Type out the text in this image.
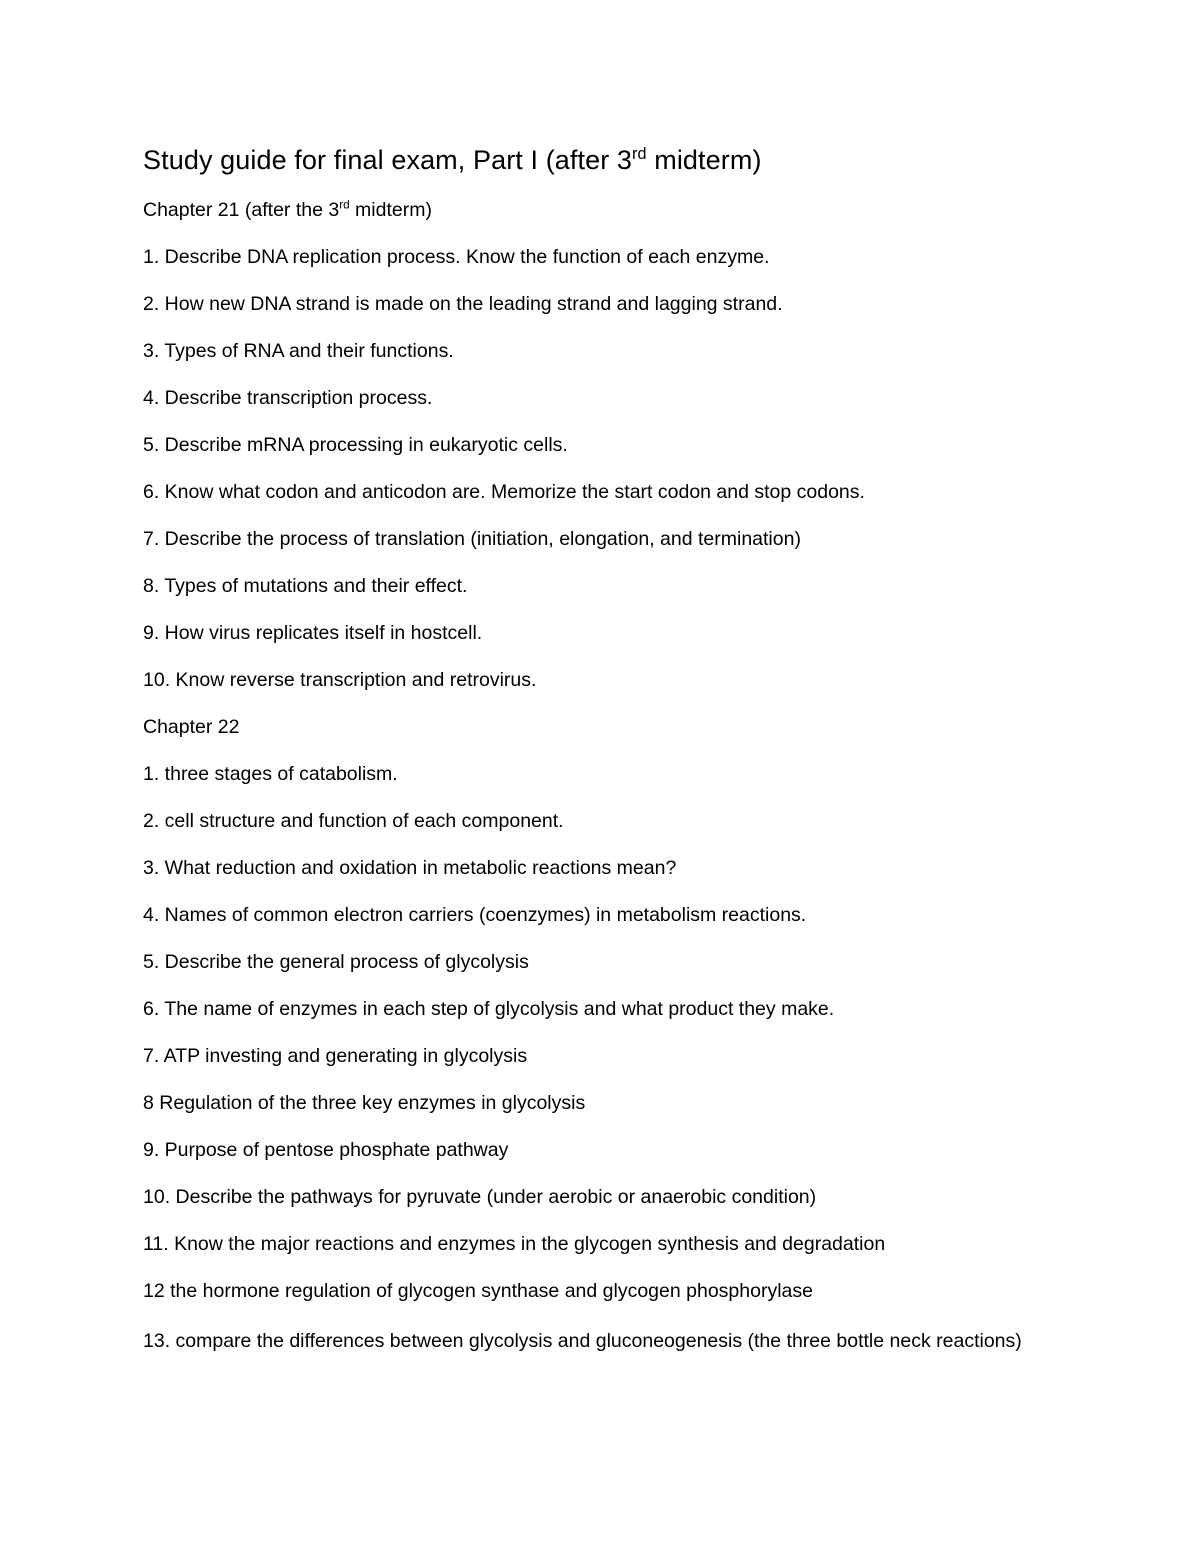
Study guide for final exam, Part I (after 3rd midterm)
Chapter 21 (after the 3rd midterm)
1. Describe DNA replication process. Know the function of each enzyme.
2. How new DNA strand is made on the leading strand and lagging strand.
3. Types of RNA and their functions.
4. Describe transcription process.
5. Describe mRNA processing in eukaryotic cells.
6. Know what codon and anticodon are. Memorize the start codon and stop codons.
7. Describe the process of translation (initiation, elongation, and termination)
8. Types of mutations and their effect.
9. How virus replicates itself in hostcell.
10. Know reverse transcription and retrovirus.
Chapter 22
1. three stages of catabolism.
2. cell structure and function of each component.
3. What reduction and oxidation in metabolic reactions mean?
4. Names of common electron carriers (coenzymes) in metabolism reactions.
5. Describe the general process of glycolysis
6. The name of enzymes in each step of glycolysis and what product they make.
7. ATP investing and generating in glycolysis
8 Regulation of the three key enzymes in glycolysis
9. Purpose of pentose phosphate pathway
10. Describe the pathways for pyruvate (under aerobic or anaerobic condition)
11. Know the major reactions and enzymes in the glycogen synthesis and degradation
12 the hormone regulation of glycogen synthase and glycogen phosphorylase
13. compare the differences between glycolysis and gluconeogenesis (the three bottle neck reactions)
